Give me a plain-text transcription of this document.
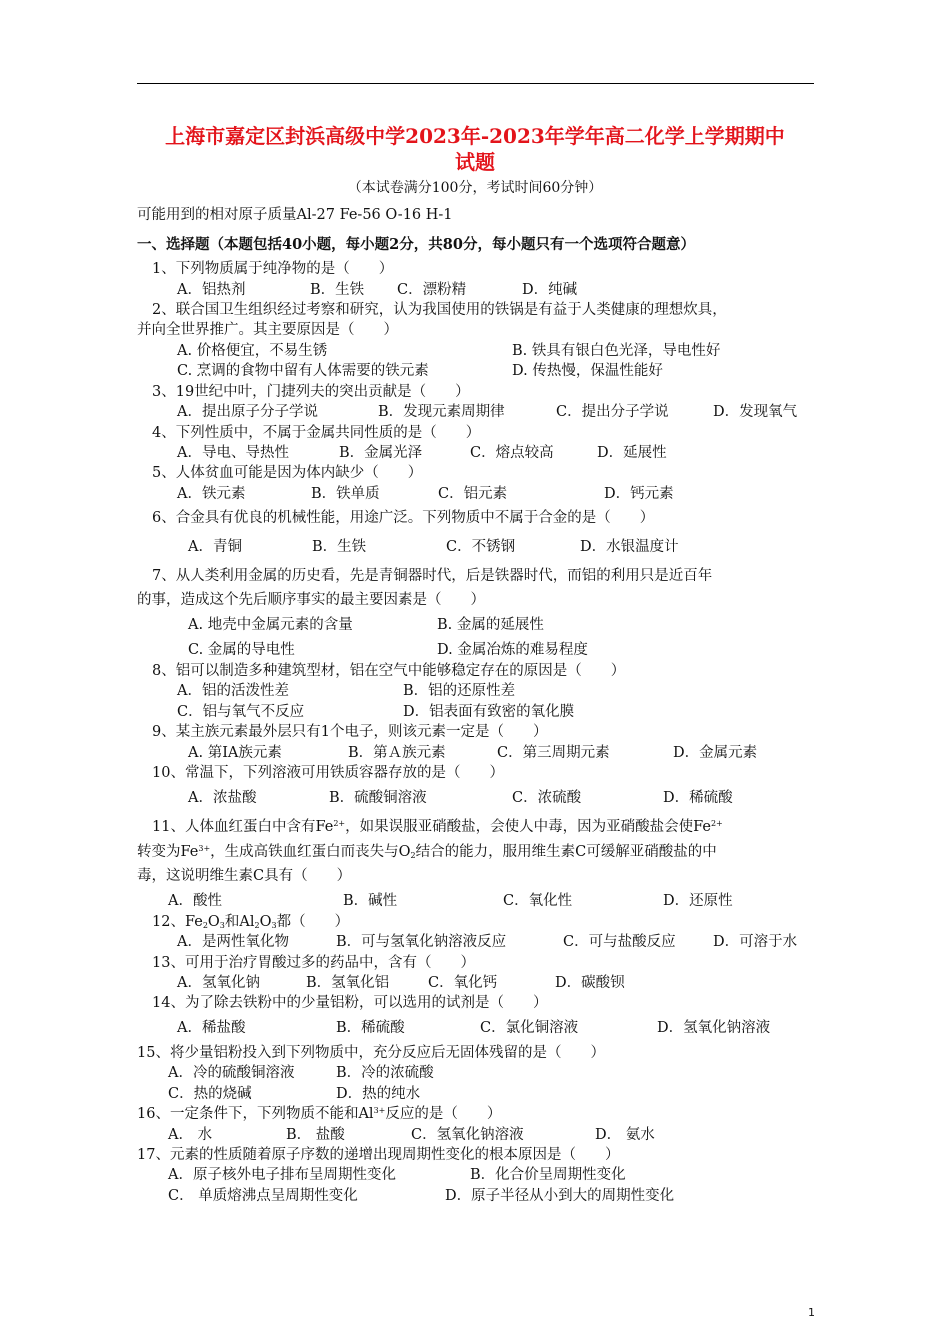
上海市嘉定区封浜高级中学2023年-2023年学年高二化学上学期期中
试题
（本试卷满分100分，考试时间60分钟）
可能用到的相对原子质量Al-27 Fe-56 O-16 H-1
一、选择题（本题包括40小题，每小题2分，共80分，每小题只有一个选项符合题意）
1、下列物质属于纯净物的是（　　）
A．铝热剂	B．生铁 C．漂粉精	D．纯碱
2、联合国卫生组织经过考察和研究，认为我国使用的铁锅是有益于人类健康的理想炊具，
并向全世界推广。其主要原因是（　　）
A. 价格便宜，不易生锈	B. 铁具有银白色光泽，导电性好
C. 烹调的食物中留有人体需要的铁元素	D. 传热慢，保温性能好
3、19世纪中叶，门捷列夫的突出贡献是（　　）
A．提出原子分子学说	B．发现元素周期律	C．提出分子学说	D．发现氧气
4、下列性质中，不属于金属共同性质的是（　　）
A．导电、导热性	B．金属光泽	C．熔点较高	D．延展性
5、人体贫血可能是因为体内缺少（　　）
A．铁元素	B．铁单质	C．铝元素	D．钙元素
6、合金具有优良的机械性能，用途广泛。下列物质中不属于合金的是（　　）
A．青铜	B．生铁	C．不锈钢	D．水银温度计
7、从人类利用金属的历史看，先是青铜器时代，后是铁器时代，而铝的利用只是近百年
的事，造成这个先后顺序事实的最主要因素是（　　）
A. 地壳中金属元素的含量	B. 金属的延展性
C. 金属的导电性	D. 金属冶炼的难易程度
8、铝可以制造多种建筑型材，铝在空气中能够稳定存在的原因是（　　）
A．铝的活泼性差	B．铝的还原性差
C．铝与氧气不反应	D．铝表面有致密的氧化膜
9、某主族元素最外层只有1个电子，则该元素一定是（　　）
A. 第IA族元素	B．第Ａ族元素	C．第三周期元素	D．金属元素
10、常温下，下列溶液可用铁质容器存放的是（　　）
A．浓盐酸	B．硫酸铜溶液	C．浓硫酸	D．稀硫酸
11、人体血红蛋白中含有$Fe^{2+}$，如果误服亚硝酸盐，会使人中毒，因为亚硝酸盐会使$Fe^{2+}$
转变为$Fe^{3+}$，生成高铁血红蛋白而丧失与$O_2$结合的能力，服用维生素C可缓解亚硝酸盐的中
毒，这说明维生素C具有（　　）
A．酸性	B．碱性	C．氧化性	D．还原性
12、$Fe_2O_3$和$Al_2O_3$都（　　）
A．是两性氧化物	B．可与氢氧化钠溶液反应	C．可与盐酸反应	D．可溶于水
13、可用于治疗胃酸过多的药品中，含有（　　）
A．氢氧化钠	B．氢氧化铝	C．氧化钙	D．碳酸钡
14、为了除去铁粉中的少量铝粉，可以选用的试剂是（　　）
A．稀盐酸	B．稀硫酸	C．氯化铜溶液	D．氢氧化钠溶液
15、将少量铝粉投入到下列物质中，充分反应后无固体残留的是（　　）
A．冷的硫酸铜溶液	B．冷的浓硫酸
C．热的烧碱	D．热的纯水
16、一定条件下，下列物质不能和$Al^{3+}$反应的是（　　）
A． 水	B． 盐酸	C．氢氧化钠溶液	D． 氨水
17、元素的性质随着原子序数的递增出现周期性变化的根本原因是（　　）
A．原子核外电子排布呈周期性变化	B．化合价呈周期性变化
C． 单质熔沸点呈周期性变化	D．原子半径从小到大的周期性变化
1
